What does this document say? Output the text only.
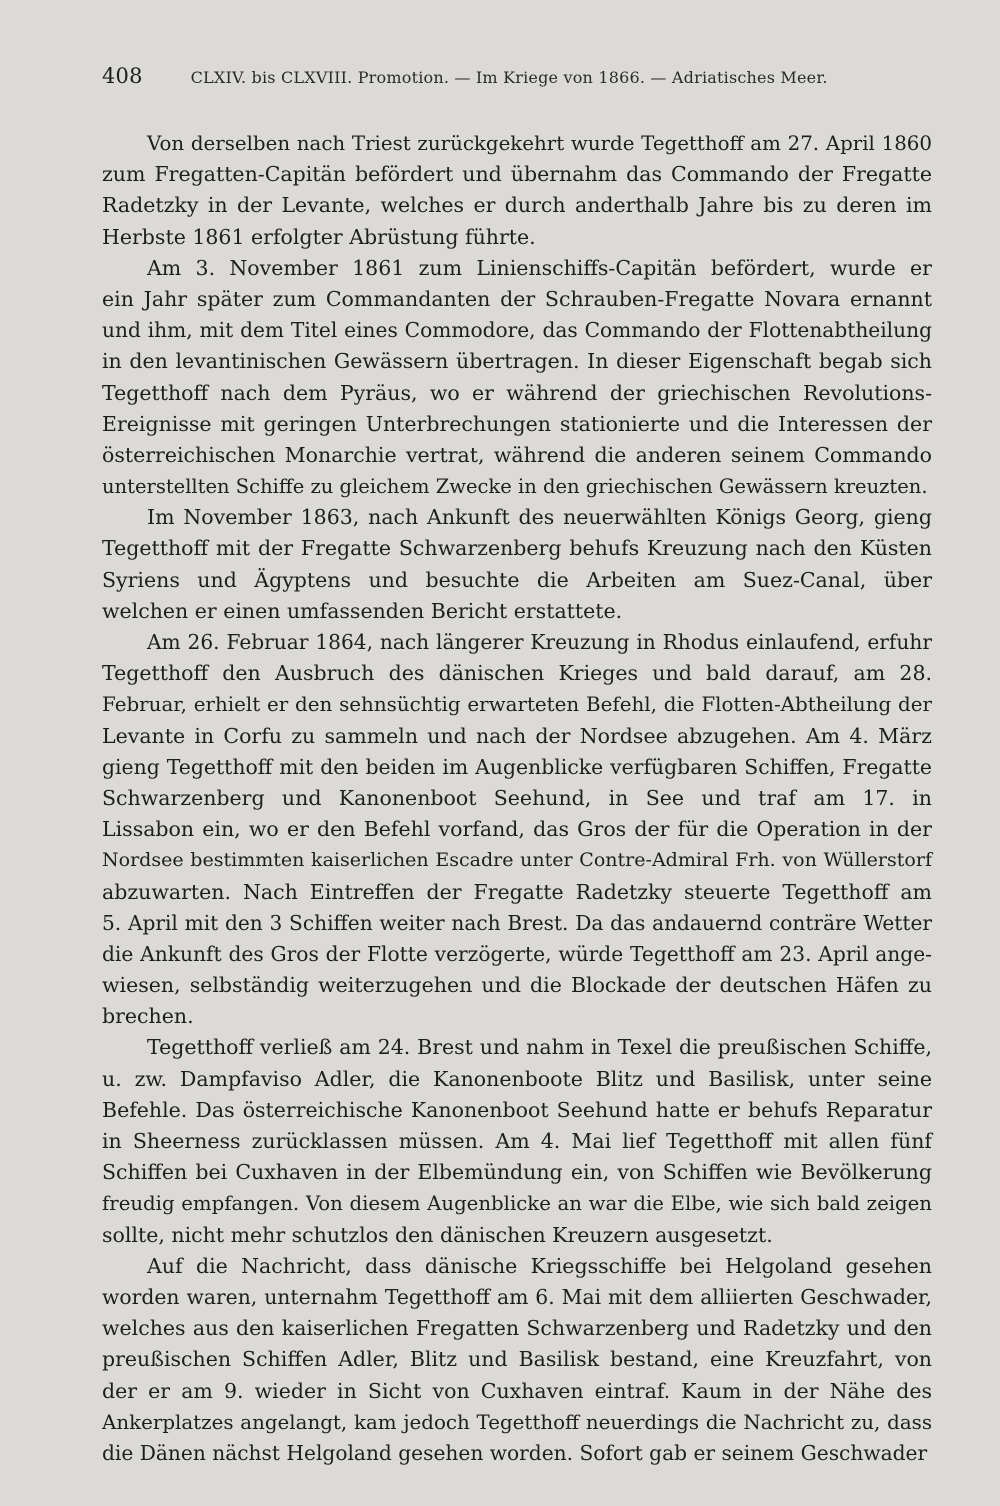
408	CLXIV. bis CLXVIII. Promotion. — Im Kriege von 1866. — Adriatisches Meer.
Von derselben nach Triest zurückgekehrt wurde Tegetthoff am 27. April 1860
zum Fregatten-Capitän befördert und übernahm das Commando der Fregatte
Radetzky in der Levante, welches er durch anderthalb Jahre bis zu deren im
Herbste 1861 erfolgter Abrüstung führte.
Am 3. November 1861 zum Linienschiffs-Capitän befördert, wurde er
ein Jahr später zum Commandanten der Schrauben-Fregatte Novara ernannt
und ihm, mit dem Titel eines Commodore, das Commando der Flottenabtheilung
in den levantinischen Gewässern übertragen. In dieser Eigenschaft begab sich
Tegetthoff nach dem Pyräus, wo er während der griechischen Revolutions-
Ereignisse mit geringen Unterbrechungen stationierte und die Interessen der
österreichischen Monarchie vertrat, während die anderen seinem Commando
unterstellten Schiffe zu gleichem Zwecke in den griechischen Gewässern kreuzten.
Im November 1863, nach Ankunft des neuerwählten Königs Georg, gieng
Tegetthoff mit der Fregatte Schwarzenberg behufs Kreuzung nach den Küsten
Syriens und Ägyptens und besuchte die Arbeiten am Suez-Canal, über
welchen er einen umfassenden Bericht erstattete.
Am 26. Februar 1864, nach längerer Kreuzung in Rhodus einlaufend, erfuhr
Tegetthoff den Ausbruch des dänischen Krieges und bald darauf, am 28.
Februar, erhielt er den sehnsüchtig erwarteten Befehl, die Flotten-Abtheilung der
Levante in Corfu zu sammeln und nach der Nordsee abzugehen. Am 4. März
gieng Tegetthoff mit den beiden im Augenblicke verfügbaren Schiffen, Fregatte
Schwarzenberg und Kanonenboot Seehund, in See und traf am 17. in
Lissabon ein, wo er den Befehl vorfand, das Gros der für die Operation in der
Nordsee bestimmten kaiserlichen Escadre unter Contre-Admiral Frh. von Wüllerstorf
abzuwarten. Nach Eintreffen der Fregatte Radetzky steuerte Tegetthoff am
5. April mit den 3 Schiffen weiter nach Brest. Da das andauernd conträre Wetter
die Ankunft des Gros der Flotte verzögerte, würde Tegetthoff am 23. April ange-
wiesen, selbständig weiterzugehen und die Blockade der deutschen Häfen zu
brechen.
Tegetthoff verließ am 24. Brest und nahm in Texel die preußischen Schiffe,
u. zw. Dampfaviso Adler, die Kanonenboote Blitz und Basilisk, unter seine
Befehle. Das österreichische Kanonenboot Seehund hatte er behufs Reparatur
in Sheerness zurücklassen müssen. Am 4. Mai lief Tegetthoff mit allen fünf
Schiffen bei Cuxhaven in der Elbemündung ein, von Schiffen wie Bevölkerung
freudig empfangen. Von diesem Augenblicke an war die Elbe, wie sich bald zeigen
sollte, nicht mehr schutzlos den dänischen Kreuzern ausgesetzt.
Auf die Nachricht, dass dänische Kriegsschiffe bei Helgoland gesehen
worden waren, unternahm Tegetthoff am 6. Mai mit dem alliierten Geschwader,
welches aus den kaiserlichen Fregatten Schwarzenberg und Radetzky und den
preußischen Schiffen Adler, Blitz und Basilisk bestand, eine Kreuzfahrt, von
der er am 9. wieder in Sicht von Cuxhaven eintraf. Kaum in der Nähe des
Ankerplatzes angelangt, kam jedoch Tegetthoff neuerdings die Nachricht zu, dass
die Dänen nächst Helgoland gesehen worden. Sofort gab er seinem Geschwader
